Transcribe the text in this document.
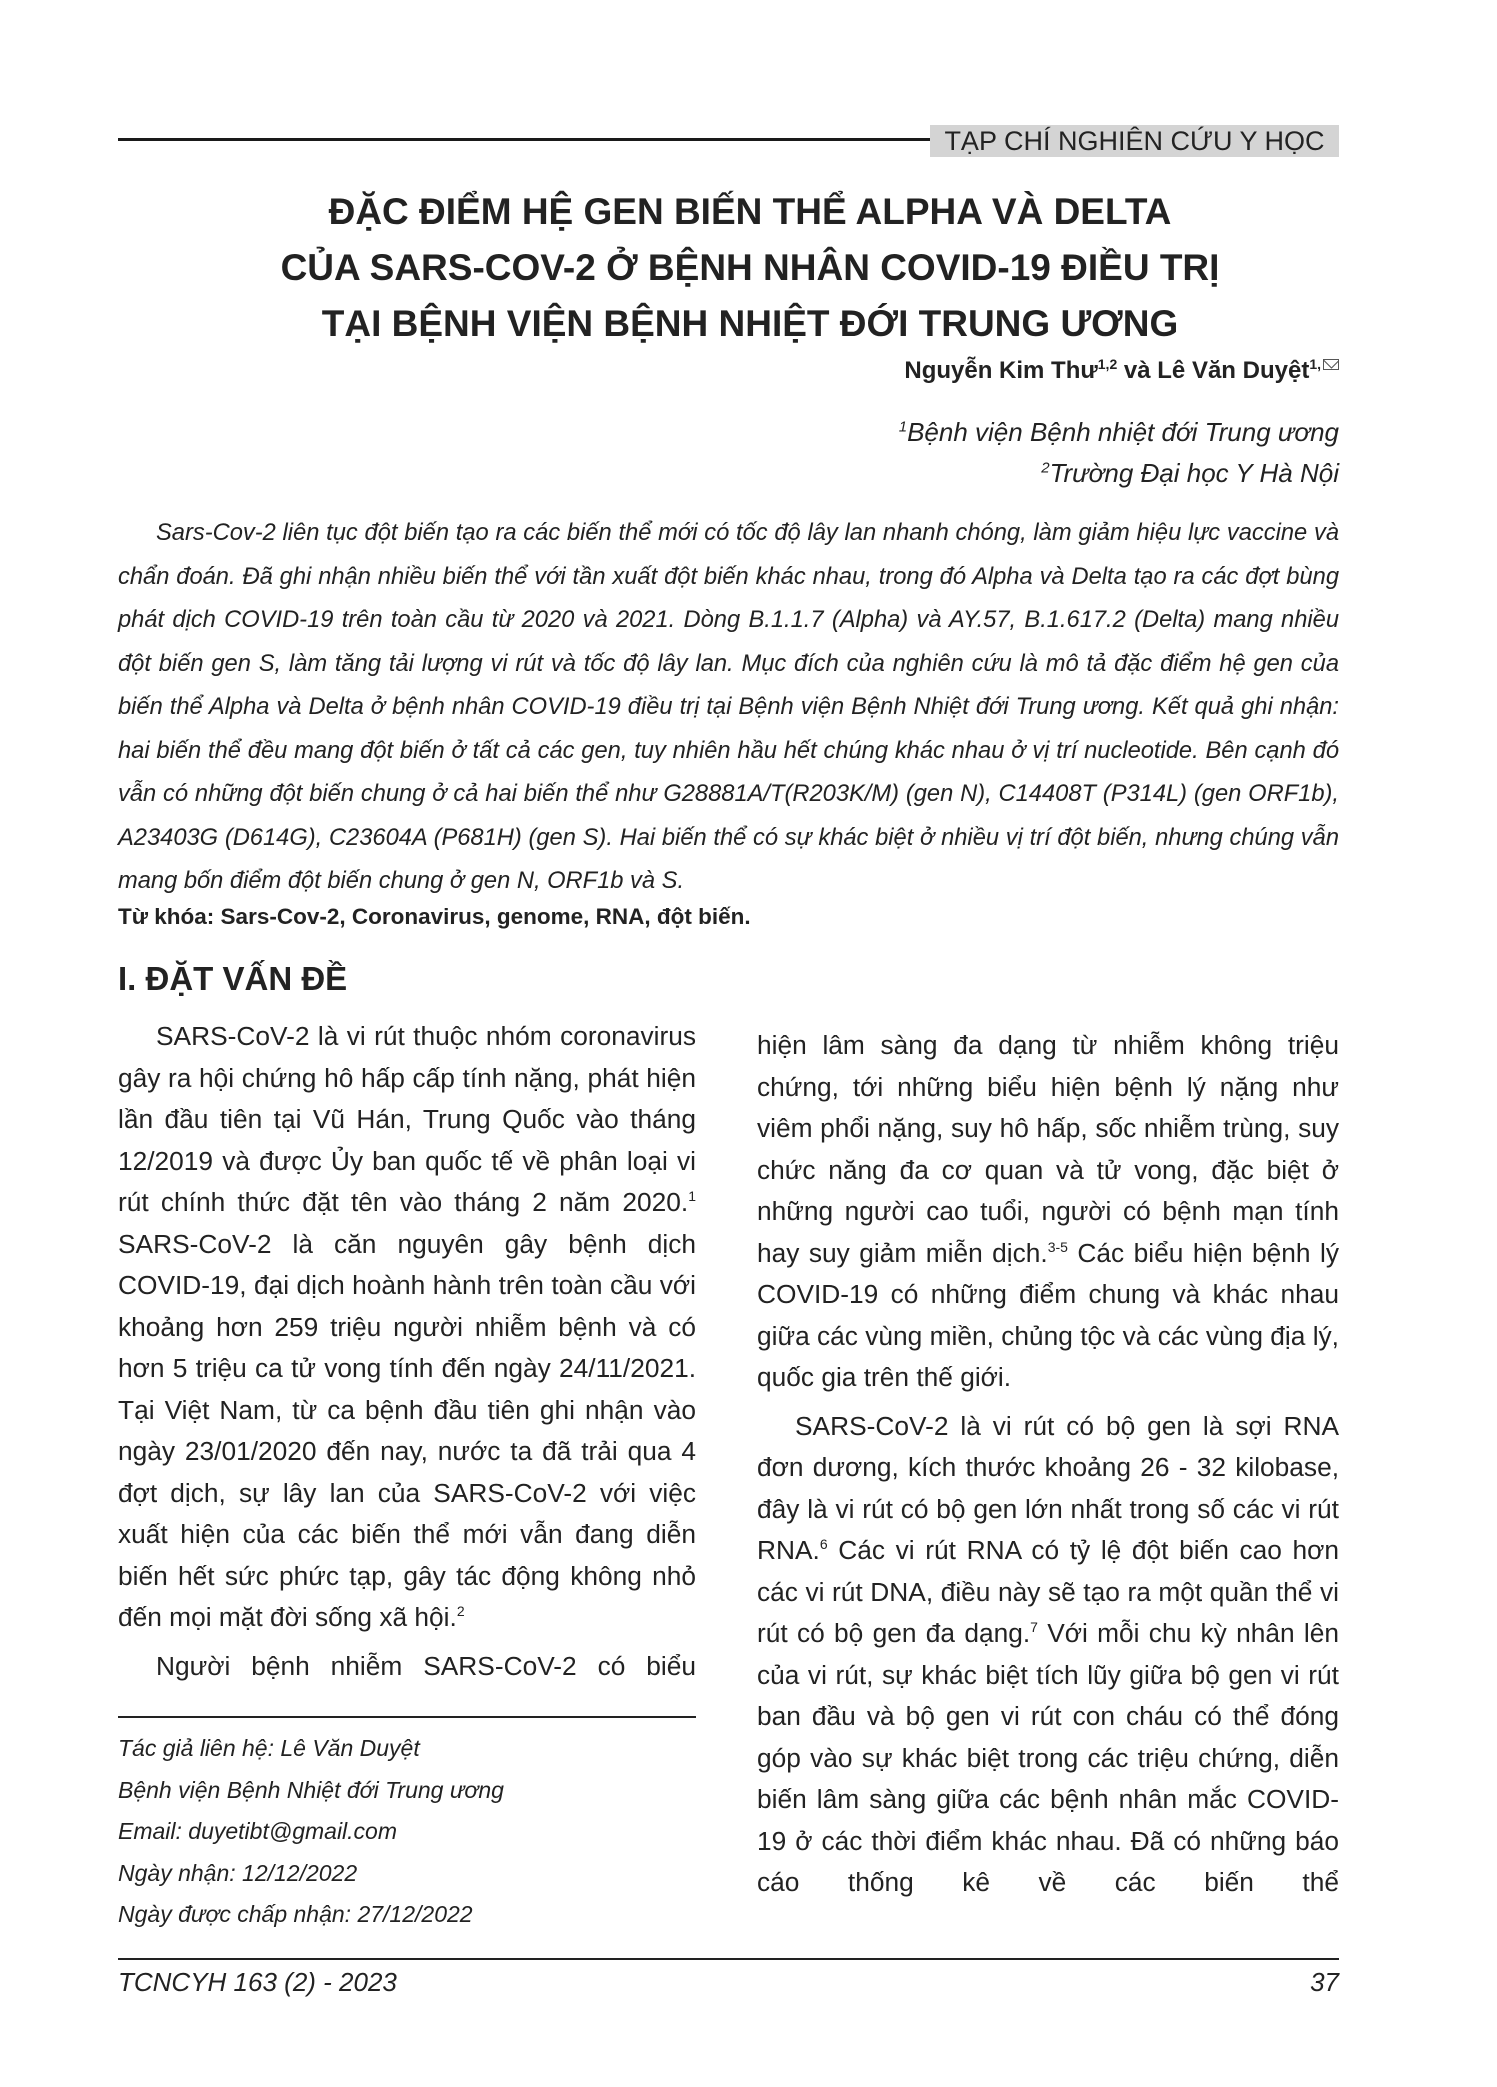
TẠP CHÍ NGHIÊN CỨU Y HỌC
ĐẶC ĐIỂM HỆ GEN BIẾN THỂ ALPHA VÀ DELTA
CỦA SARS-COV-2 Ở BỆNH NHÂN COVID-19 ĐIỀU TRỊ
TẠI BỆNH VIỆN BỆNH NHIỆT ĐỚI TRUNG ƯƠNG
Nguyễn Kim Thư$^{1,2}$ và Lê Văn Duyệt$^{1,}$
$^1$Bệnh viện Bệnh nhiệt đới Trung ương
$^2$Trường Đại học Y Hà Nội
Sars-Cov-2 liên tục đột biến tạo ra các biến thể mới có tốc độ lây lan nhanh chóng, làm giảm hiệu lực vaccine và chẩn đoán. Đã ghi nhận nhiều biến thể với tần xuất đột biến khác nhau, trong đó Alpha và Delta tạo ra các đợt bùng phát dịch COVID-19 trên toàn cầu từ 2020 và 2021. Dòng B.1.1.7 (Alpha) và AY.57, B.1.617.2 (Delta) mang nhiều đột biến gen S, làm tăng tải lượng vi rút và tốc độ lây lan. Mục đích của nghiên cứu là mô tả đặc điểm hệ gen của biến thể Alpha và Delta ở bệnh nhân COVID-19 điều trị tại Bệnh viện Bệnh Nhiệt đới Trung ương. Kết quả ghi nhận: hai biến thể đều mang đột biến ở tất cả các gen, tuy nhiên hầu hết chúng khác nhau ở vị trí nucleotide. Bên cạnh đó vẫn có những đột biến chung ở cả hai biến thể như G28881A/T(R203K/M) (gen N), C14408T (P314L) (gen ORF1b), A23403G (D614G), C23604A (P681H) (gen S). Hai biến thể có sự khác biệt ở nhiều vị trí đột biến, nhưng chúng vẫn mang bốn điểm đột biến chung ở gen N, ORF1b và S.
Từ khóa: Sars-Cov-2, Coronavirus, genome, RNA, đột biến.
I. ĐẶT VẤN ĐỀ

SARS-CoV-2 là vi rút thuộc nhóm coronavirus gây ra hội chứng hô hấp cấp tính nặng, phát hiện lần đầu tiên tại Vũ Hán, Trung Quốc vào tháng 12/2019 và được Ủy ban quốc tế về phân loại vi rút chính thức đặt tên vào tháng 2 năm 2020.$^1$ SARS-CoV-2 là căn nguyên gây bệnh dịch COVID-19, đại dịch hoành hành trên toàn cầu với khoảng hơn 259 triệu người nhiễm bệnh và có hơn 5 triệu ca tử vong tính đến ngày 24/11/2021. Tại Việt Nam, từ ca bệnh đầu tiên ghi nhận vào ngày 23/01/2020 đến nay, nước ta đã trải qua 4 đợt dịch, sự lây lan của SARS-CoV-2 với việc xuất hiện của các biến thể mới vẫn đang diễn biến hết sức phức tạp, gây tác động không nhỏ đến mọi mặt đời sống xã hội.$^2$

Người bệnh nhiễm SARS-CoV-2 có biểu

Tác giả liên hệ: Lê Văn Duyệt
Bệnh viện Bệnh Nhiệt đới Trung ương
Email: duyetibt@gmail.com
Ngày nhận: 12/12/2022
Ngày được chấp nhận: 27/12/2022

hiện lâm sàng đa dạng từ nhiễm không triệu chứng, tới những biểu hiện bệnh lý nặng như viêm phổi nặng, suy hô hấp, sốc nhiễm trùng, suy chức năng đa cơ quan và tử vong, đặc biệt ở những người cao tuổi, người có bệnh mạn tính hay suy giảm miễn dịch.$^{3-5}$ Các biểu hiện bệnh lý COVID-19 có những điểm chung và khác nhau giữa các vùng miền, chủng tộc và các vùng địa lý, quốc gia trên thế giới.

SARS-CoV-2 là vi rút có bộ gen là sợi RNA đơn dương, kích thước khoảng 26 - 32 kilobase, đây là vi rút có bộ gen lớn nhất trong số các vi rút RNA.$^6$ Các vi rút RNA có tỷ lệ đột biến cao hơn các vi rút DNA, điều này sẽ tạo ra một quần thể vi rút có bộ gen đa dạng.$^7$ Với mỗi chu kỳ nhân lên của vi rút, sự khác biệt tích lũy giữa bộ gen vi rút ban đầu và bộ gen vi rút con cháu có thể đóng góp vào sự khác biệt trong các triệu chứng, diễn biến lâm sàng giữa các bệnh nhân mắc COVID-19 ở các thời điểm khác nhau. Đã có những báo cáo thống kê về các biến thể

TCNCYH 163 (2) - 2023	37
